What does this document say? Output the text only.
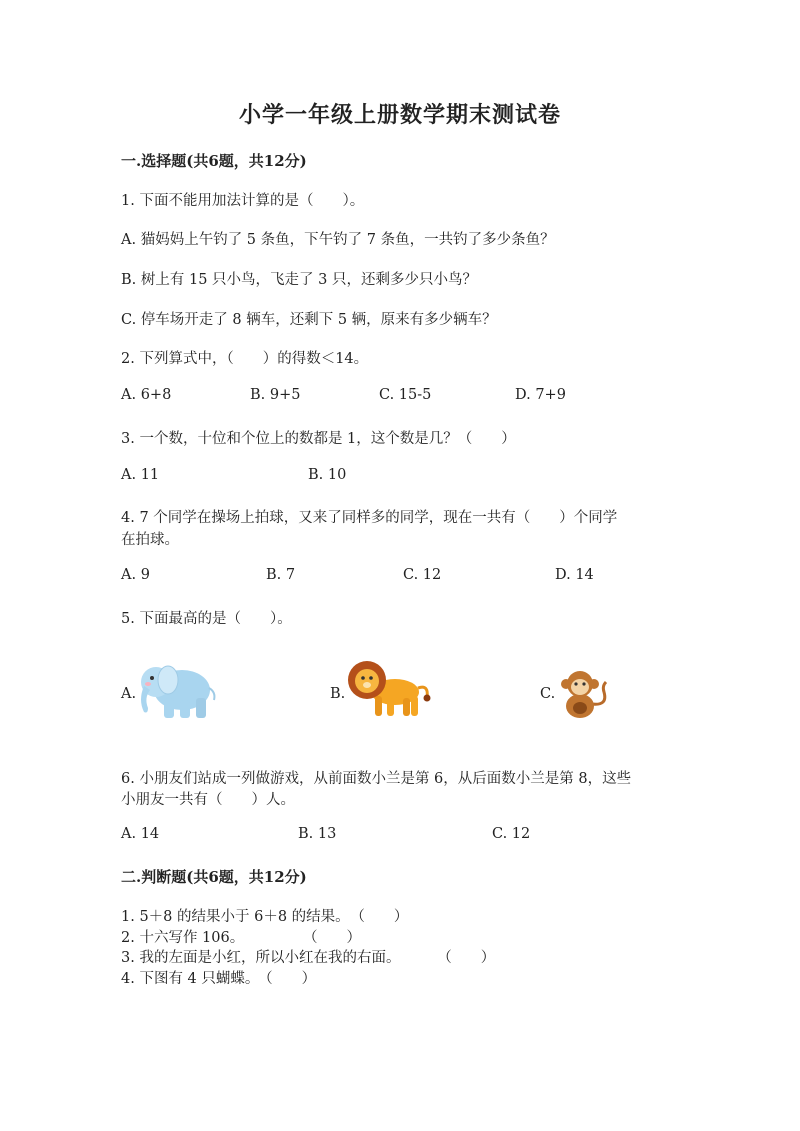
小学一年级上册数学期末测试卷
一.选择题(共6题，共12分)
1. 下面不能用加法计算的是（　　）。
A. 猫妈妈上午钓了 5 条鱼，下午钓了 7 条鱼，一共钓了多少条鱼？
B. 树上有 15 只小鸟，飞走了 3 只，还剩多少只小鸟？
C. 停车场开走了 8 辆车，还剩下 5 辆，原来有多少辆车？
2. 下列算式中，（　　）的得数＜14。
A. 6+8	B. 9+5	C. 15-5	D. 7+9
3. 一个数，十位和个位上的数都是 1，这个数是几？（　　）
A. 11	B. 10
4. 7 个同学在操场上拍球，又来了同样多的同学，现在一共有（　　）个同学
在拍球。
A. 9	B. 7	C. 12	D. 14
5. 下面最高的是（　　）。
A.	B.	C.
6. 小朋友们站成一列做游戏，从前面数小兰是第 6，从后面数小兰是第 8，这些
小朋友一共有（　　）人。
A. 14	B. 13	C. 12
二.判断题(共6题，共12分)
1. 5＋8 的结果小于 6＋8 的结果。 （　　）
2. 十六写作 106。	（　　）
3. 我的左面是小红，所以小红在我的右面。	（　　）
4. 下图有 4 只蝴蝶。 （　　）
